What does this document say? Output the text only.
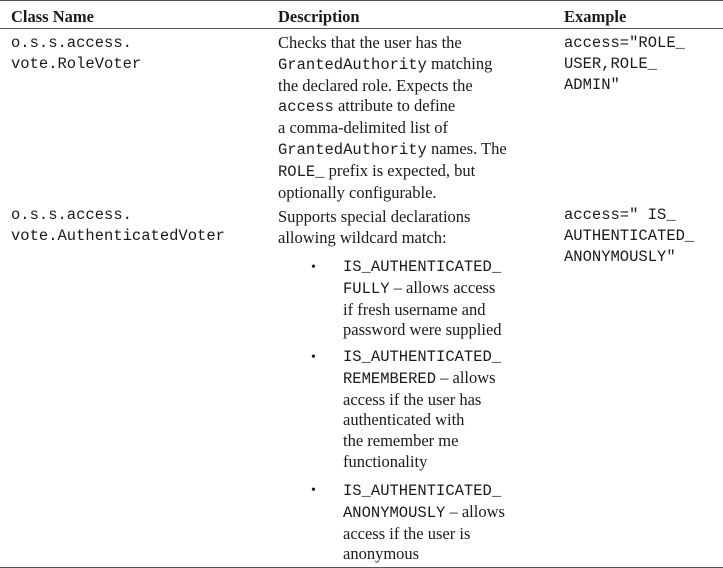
Class Name	Description	Example
o.s.s.access.
vote.RoleVoter
Checks that the user has the
GrantedAuthority matching
the declared role. Expects the
access attribute to define
a comma-delimited list of
GrantedAuthority names. The
ROLE_ prefix is expected, but
optionally configurable.
access="ROLE_
USER,ROLE_
ADMIN"
o.s.s.access.
vote.AuthenticatedVoter
Supports special declarations
allowing wildcard match:
• IS_AUTHENTICATED_
FULLY – allows access
if fresh username and
password were supplied
• IS_AUTHENTICATED_
REMEMBERED – allows
access if the user has
authenticated with
the remember me
functionality
• IS_AUTHENTICATED_
ANONYMOUSLY – allows
access if the user is
anonymous
access=" IS_
AUTHENTICATED_
ANONYMOUSLY"
